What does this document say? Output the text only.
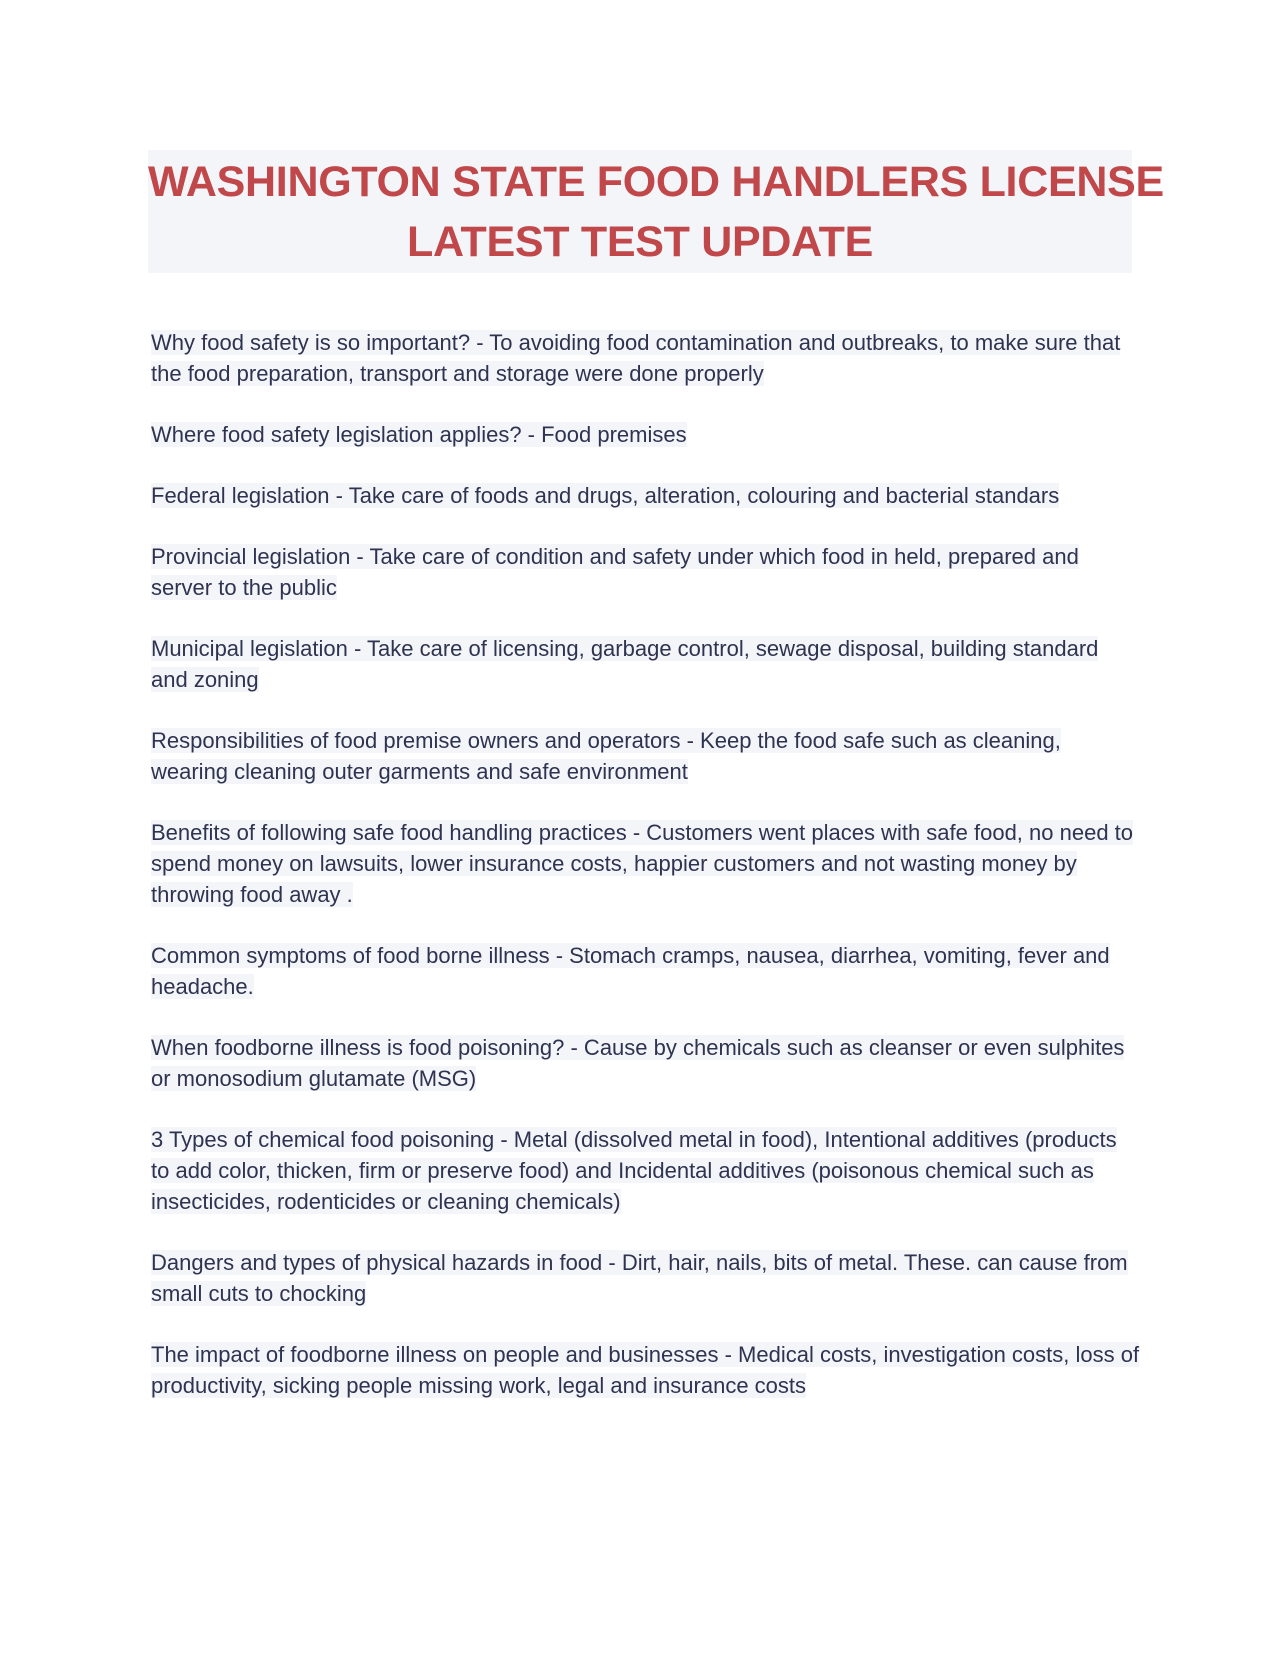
WASHINGTON STATE FOOD HANDLERS LICENSE
LATEST TEST UPDATE

Why food safety is so important? - To avoiding food contamination and outbreaks, to make sure that the food preparation, transport and storage were done properly

Where food safety legislation applies? - Food premises

Federal legislation - Take care of foods and drugs, alteration, colouring and bacterial standars

Provincial legislation - Take care of condition and safety under which food in held, prepared and server to the public

Municipal legislation - Take care of licensing, garbage control, sewage disposal, building standard and zoning

Responsibilities of food premise owners and operators - Keep the food safe such as cleaning, wearing cleaning outer garments and safe environment

Benefits of following safe food handling practices - Customers went places with safe food, no need to spend money on lawsuits, lower insurance costs, happier customers and not wasting money by throwing food away .

Common symptoms of food borne illness - Stomach cramps, nausea, diarrhea, vomiting, fever and headache.

When foodborne illness is food poisoning? - Cause by chemicals such as cleanser or even sulphites or monosodium glutamate (MSG)

3 Types of chemical food poisoning - Metal (dissolved metal in food), Intentional additives (products to add color, thicken, firm or preserve food) and Incidental additives (poisonous chemical such as insecticides, rodenticides or cleaning chemicals)

Dangers and types of physical hazards in food - Dirt, hair, nails, bits of metal. These. can cause from small cuts to chocking

The impact of foodborne illness on people and businesses - Medical costs, investigation costs, loss of productivity, sicking people missing work, legal and insurance costs
